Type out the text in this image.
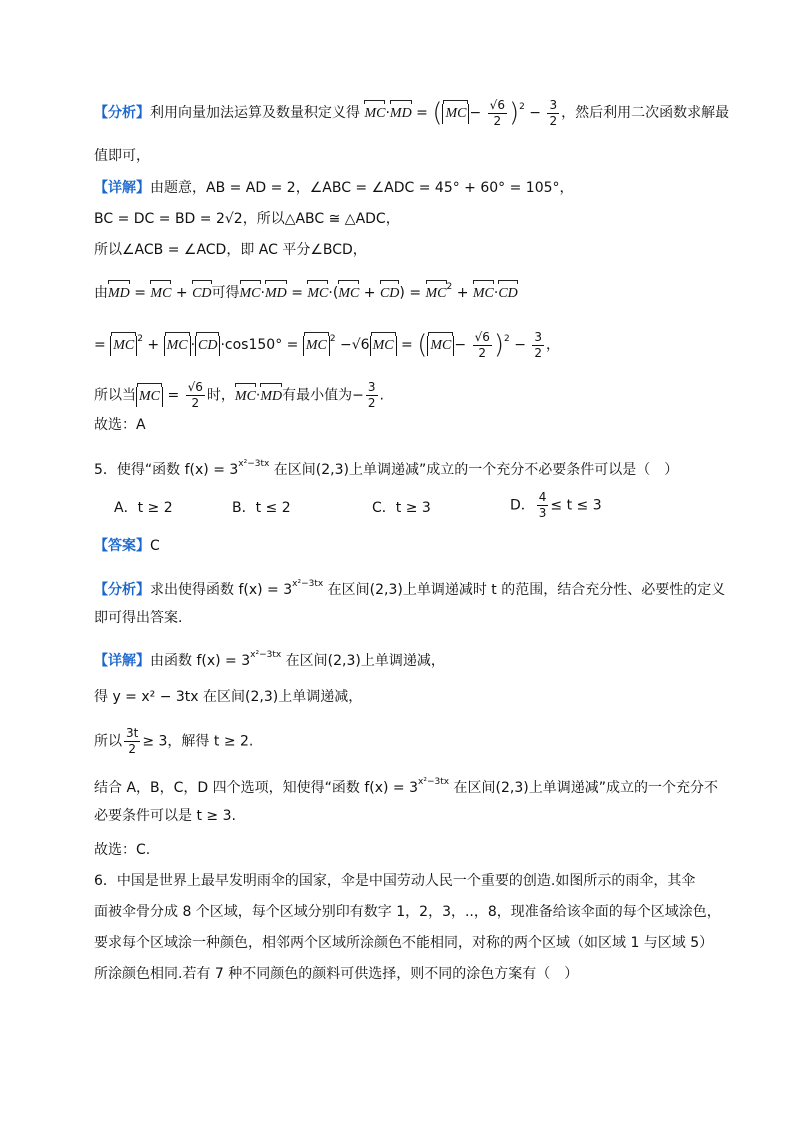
【分析】利用向量加法运算及数量积定义得 MC·MD = ( MC − $\frac{√6}{2} )^2 - \frac{3}{2}$ ，然后利用二次函数求解最
值即可，
【详解】由题意，AB = AD = 2，∠ABC = ∠ADC = 45° + 60° = 105°，
BC = DC = BD = 2√2，所以△ABC ≅ △ADC，
所以∠ACB = ∠ACD，即 AC 平分∠BCD，
由MD = MC + CD可得$MC\cdot MD = MC\cdot(MC + CD) = MC^2 + MC\cdot CD$
= MC $^2$ + MC · CD ·cos150° = MC $^2$ −√6 MC = ( MC − $\frac{√6}{2} )^2 - \frac{3}{2}$ ，
所以当 MC = $\frac{√6}{2}$ 时，MC·MD有最小值为− $\frac{3}{2}$ .
故选：A
5．使得“函数 $f(x) = 3^{x^2-3tx}$ 在区间(2,3)上单调递减”成立的一个充分不必要条件可以是（　）
A．t ≥ 2	B．t ≤ 2	C．t ≥ 3	D． $\frac{4}{3} \le t \le 3$
【答案】C
【分析】求出使得函数 $f(x) = 3^{x^2-3tx}$ 在区间(2,3)上单调递减时 t 的范围，结合充分性、必要性的定义
即可得出答案.
【详解】由函数 $f(x) = 3^{x^2-3tx}$ 在区间(2,3)上单调递减，
得 y = x² − 3tx 在区间(2,3)上单调递减，
所以 $\frac{3t}{2} \ge 3$，解得 t ≥ 2.
结合 A，B，C，D 四个选项，知使得“函数 $f(x) = 3^{x^2-3tx}$ 在区间(2,3)上单调递减”成立的一个充分不
必要条件可以是 t ≥ 3.
故选：C.
6．中国是世界上最早发明雨伞的国家，伞是中国劳动人民一个重要的创造.如图所示的雨伞，其伞
面被伞骨分成 8 个区域，每个区域分别印有数字 1，2，3，..，8，现准备给该伞面的每个区域涂色，
要求每个区域涂一种颜色，相邻两个区域所涂颜色不能相同，对称的两个区域（如区域 1 与区域 5）
所涂颜色相同.若有 7 种不同颜色的颜料可供选择，则不同的涂色方案有（　）
